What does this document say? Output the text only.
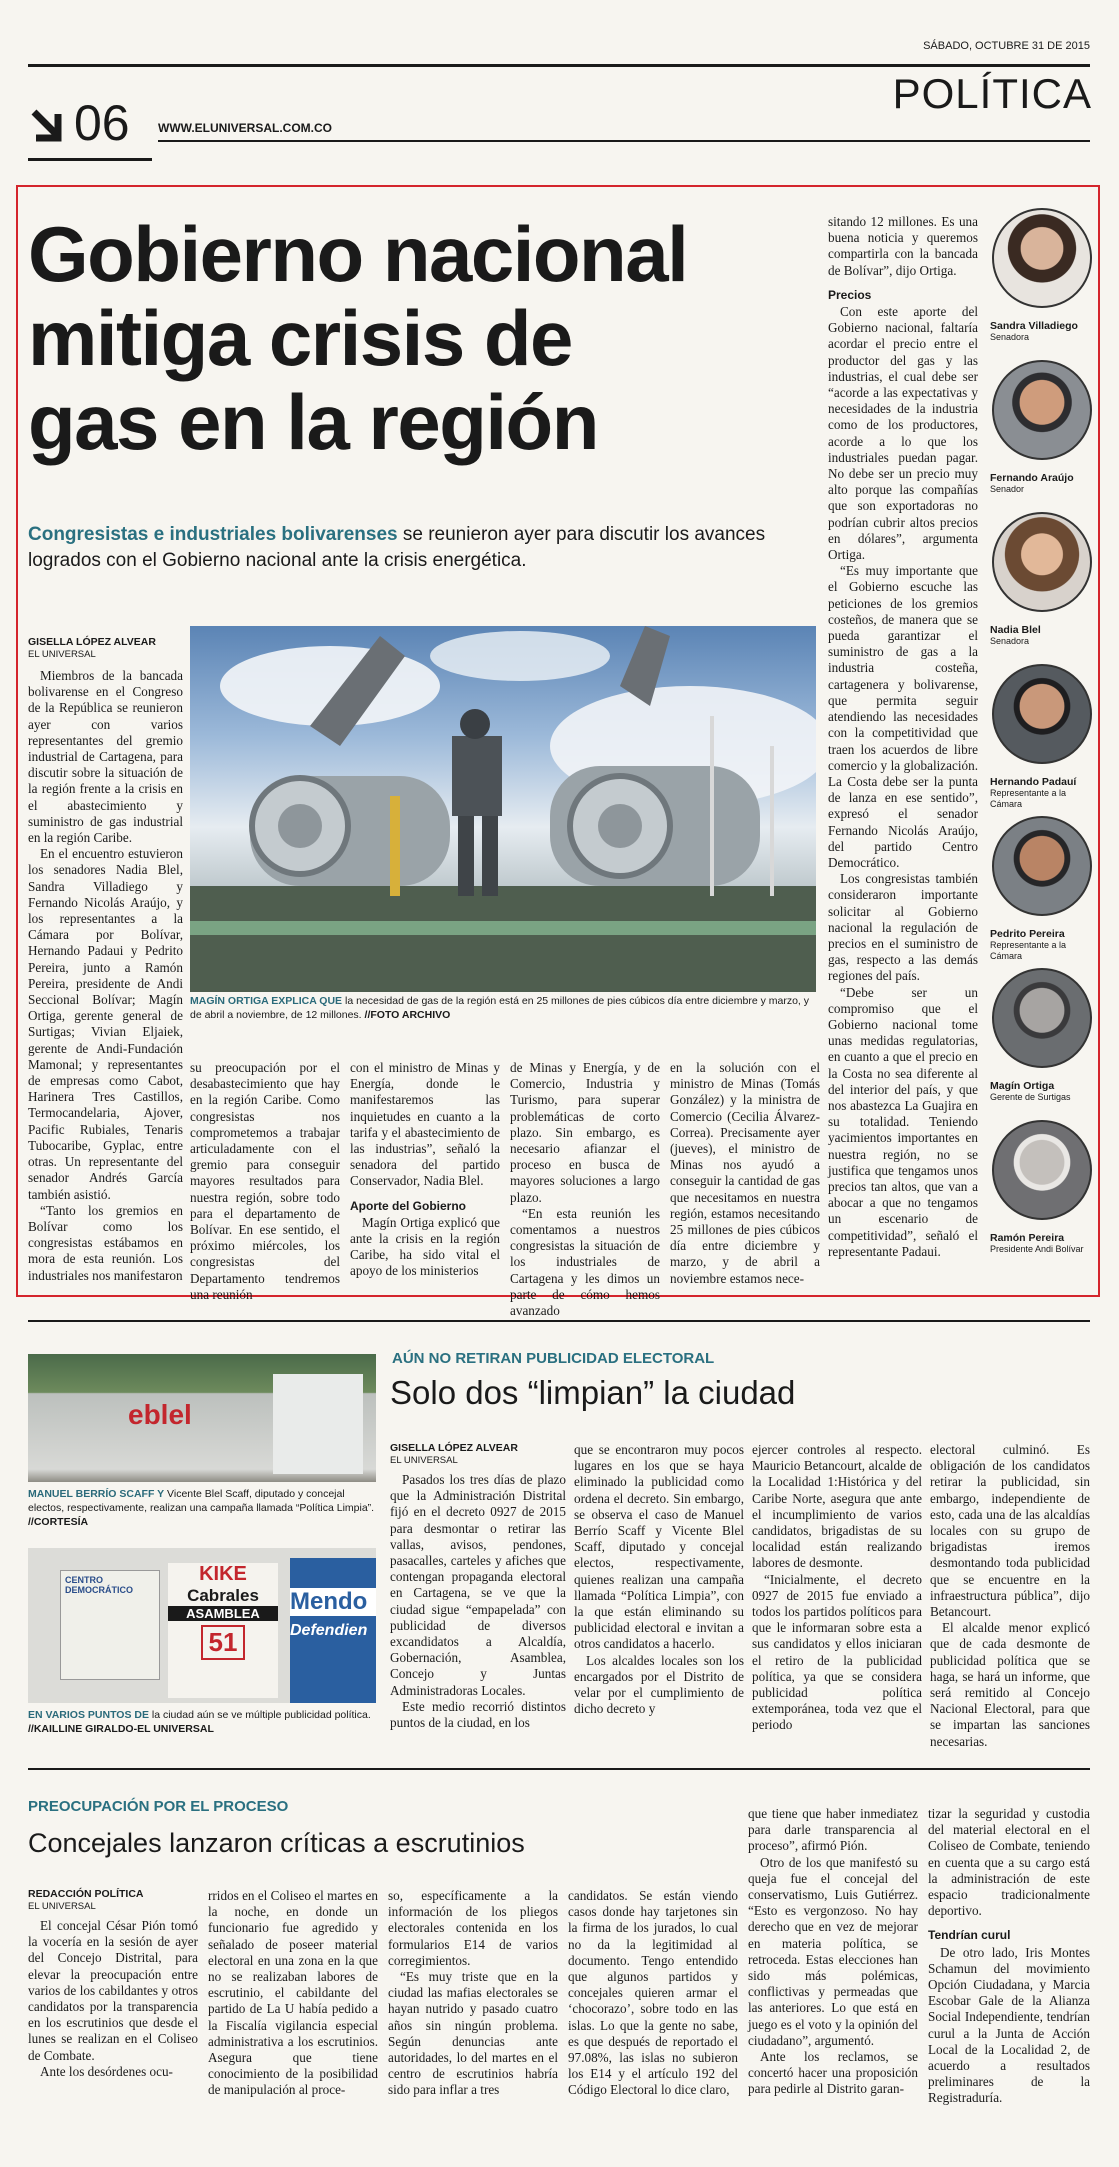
SÁBADO, OCTUBRE 31 DE 2015
POLÍTICA
06 WWW.ELUNIVERSAL.COM.CO
Gobierno nacional
mitiga crisis de
gas en la región
Congresistas e industriales bolivarenses se reunieron ayer para discutir los avances
logrados con el Gobierno nacional ante la crisis energética.
MAGÍN ORTIGA EXPLICA QUE la necesidad de gas de la región está en 25 millones de pies cúbicos día entre diciembre y marzo, y de abril a noviembre, de 12 millones. //FOTO ARCHIVO
GISELLA LÓPEZ ALVEAR
EL UNIVERSAL

Miembros de la bancada bolivarense en el Congreso de la República se reunieron ayer con varios representantes del gremio industrial de Cartagena, para discutir sobre la situación de la región frente a la crisis en el abastecimiento y suministro de gas industrial en la región Caribe.

En el encuentro estuvieron los senadores Nadia Blel, Sandra Villadiego y Fernando Nicolás Araújo, y los representantes a la Cámara por Bolívar, Hernando Padaui y Pedrito Pereira, junto a Ramón Pereira, presidente de Andi Seccional Bolívar; Magín Ortiga, gerente general de Surtigas; Vivian Eljaiek, gerente de Andi-Fundación Mamonal; y representantes de empresas como Cabot, Harinera Tres Castillos, Termocandelaria, Ajover, Pacific Rubiales, Tenaris Tubocaribe, Gyplac, entre otras. Un representante del senador Andrés García también asistió.

“Tanto los gremios en Bolívar como los congresistas estábamos en mora de esta reunión. Los industriales nos manifestaron

su preocupación por el desabastecimiento que hay en la región Caribe. Como congresistas nos comprometemos a trabajar articuladamente con el gremio para conseguir mayores resultados para nuestra región, sobre todo para el departamento de Bolívar. En ese sentido, el próximo miércoles, los congresistas del Departamento tendremos una reunión

con el ministro de Minas y Energía, donde le manifestaremos las inquietudes en cuanto a la tarifa y el abastecimiento de las industrias”, señaló la senadora del partido Conservador, Nadia Blel.

Aporte del Gobierno

Magín Ortiga explicó que ante la crisis en la región Caribe, ha sido vital el apoyo de los ministerios

de Minas y Energía, y de Comercio, Industria y Turismo, para superar problemáticas de corto plazo. Sin embargo, es necesario afianzar el proceso en busca de mayores soluciones a largo plazo.

“En esta reunión les comentamos a nuestros congresistas la situación de los industriales de Cartagena y les dimos un parte de cómo hemos avanzado

en la solución con el ministro de Minas (Tomás González) y la ministra de Comercio (Cecilia Álvarez-Correa). Precisamente ayer (jueves), el ministro de Minas nos ayudó a conseguir la cantidad de gas que necesitamos en nuestra región, estamos necesitando 25 millones de pies cúbicos día entre diciembre y marzo, y de abril a noviembre estamos nece-

sitando 12 millones. Es una buena noticia y queremos compartirla con la bancada de Bolívar”, dijo Ortiga.

Precios

Con este aporte del Gobierno nacional, faltaría acordar el precio entre el productor del gas y las industrias, el cual debe ser “acorde a las expectativas y necesidades de la industria como de los productores, acorde a lo que los industriales puedan pagar. No debe ser un precio muy alto porque las compañías que son exportadoras no podrían cubrir altos precios en dólares”, argumenta Ortiga.

“Es muy importante que el Gobierno escuche las peticiones de los gremios costeños, de manera que se pueda garantizar el suministro de gas a la industria costeña, cartagenera y bolivarense, que permita seguir atendiendo las necesidades con la competitividad que traen los acuerdos de libre comercio y la globalización. La Costa debe ser la punta de lanza en ese sentido”, expresó el senador Fernando Nicolás Araújo, del partido Centro Democrático.

Los congresistas también consideraron importante solicitar al Gobierno nacional la regulación de precios en el suministro de gas, respecto a las demás regiones del país.

“Debe ser un compromiso que el Gobierno nacional tome unas medidas regulatorias, en cuanto a que el precio en la Costa no sea diferente al del interior del país, y que nos abastezca La Guajira en su totalidad. Teniendo yacimientos importantes en nuestra región, no se justifica que tengamos unos precios tan altos, que van a abocar a que no tengamos un escenario de competitividad”, señaló el representante Padaui.

Sandra Villadiego
Senadora
Fernando Araújo
Senador
Nadia Blel
Senadora
Hernando Padauí
Representante a la Cámara
Pedrito Pereira
Representante a la Cámara
Magín Ortiga
Gerente de Surtigas
Ramón Pereira
Presidente Andi Bolívar
AÚN NO RETIRAN PUBLICIDAD ELECTORAL
Solo dos “limpian” la ciudad
eblel
MANUEL BERRÍO SCAFF Y Vicente Blel Scaff, diputado y concejal electos, respectivamente, realizan una campaña llamada “Política Limpia”. //CORTESÍA
CENTRO DEMOCRÁTICO
KIKE
Cabrales
ASAMBLEA
51
Mendo
Defendien
EN VARIOS PUNTOS DE la ciudad aún se ve múltiple publicidad política. //KAILLINE GIRALDO-EL UNIVERSAL
GISELLA LÓPEZ ALVEAR
EL UNIVERSAL

Pasados los tres días de plazo que la Administración Distrital fijó en el decreto 0927 de 2015 para desmontar o retirar las vallas, avisos, pendones, pasacalles, carteles y afiches que contengan propaganda electoral en Cartagena, se ve que la ciudad sigue “empapelada” con publicidad de diversos excandidatos a Alcaldía, Gobernación, Asamblea, Concejo y Juntas Administradoras Locales.

Este medio recorrió distintos puntos de la ciudad, en los

que se encontraron muy pocos lugares en los que se haya eliminado la publicidad como ordena el decreto. Sin embargo, se observa el caso de Manuel Berrío Scaff y Vicente Blel Scaff, diputado y concejal electos, respectivamente, quienes realizan una campaña llamada “Política Limpia”, con la que están eliminando su publicidad electoral e invitan a otros candidatos a hacerlo.

Los alcaldes locales son los encargados por el Distrito de velar por el cumplimiento de dicho decreto y

ejercer controles al respecto. Mauricio Betancourt, alcalde de la Localidad 1:Histórica y del Caribe Norte, asegura que ante el incumplimiento de varios candidatos, brigadistas de su localidad están realizando labores de desmonte.

“Inicialmente, el decreto 0927 de 2015 fue enviado a todos los partidos políticos para que le informaran sobre esta a sus candidatos y ellos iniciaran el retiro de la publicidad política, ya que se considera publicidad política extemporánea, toda vez que el periodo

electoral culminó. Es obligación de los candidatos retirar la publicidad, sin embargo, independiente de esto, cada una de las alcaldías locales con su grupo de brigadistas iremos desmontando toda publicidad que se encuentre en la infraestructura pública”, dijo Betancourt.

El alcalde menor explicó que de cada desmonte de publicidad política que se haga, se hará un informe, que será remitido al Concejo Nacional Electoral, para que se impartan las sanciones necesarias.

PREOCUPACIÓN POR EL PROCESO
Concejales lanzaron críticas a escrutinios
REDACCIÓN POLÍTICA
EL UNIVERSAL

El concejal César Pión tomó la vocería en la sesión de ayer del Concejo Distrital, para elevar la preocupación entre varios de los cabildantes y otros candidatos por la transparencia en los escrutinios que desde el lunes se realizan en el Coliseo de Combate.

Ante los desórdenes ocu-

rridos en el Coliseo el martes en la noche, en donde un funcionario fue agredido y señalado de poseer material electoral en una zona en la que no se realizaban labores de escrutinio, el cabildante del partido de La U había pedido a la Fiscalía vigilancia especial administrativa a los escrutinios. Asegura que tiene conocimiento de la posibilidad de manipulación al proce-

so, específicamente a la información de los pliegos electorales contenida en los formularios E14 de varios corregimientos.

“Es muy triste que en la ciudad las mafias electorales se hayan nutrido y pasado cuatro años sin ningún problema. Según denuncias ante autoridades, lo del martes en el centro de escrutinios habría sido para inflar a tres

candidatos. Se están viendo casos donde hay tarjetones sin la firma de los jurados, lo cual no da la legitimidad al documento. Tengo entendido que algunos partidos y concejales quieren armar el ‘chocorazo’, sobre todo en las islas. Lo que la gente no sabe, es que después de reportado el 97.08%, las islas no subieron los E14 y el artículo 192 del Código Electoral lo dice claro,

que tiene que haber inmediatez para darle transparencia al proceso”, afirmó Pión.

Otro de los que manifestó su queja fue el concejal del conservatismo, Luis Gutiérrez. “Esto es vergonzoso. No hay derecho que en vez de mejorar en materia política, se retroceda. Estas elecciones han sido más polémicas, conflictivas y permeadas que las anteriores. Lo que está en juego es el voto y la opinión del ciudadano”, argumentó.

Ante los reclamos, se concertó hacer una proposición para pedirle al Distrito garan-

tizar la seguridad y custodia del material electoral en el Coliseo de Combate, teniendo en cuenta que a su cargo está la administración de este espacio tradicionalmente deportivo.

Tendrían curul

De otro lado, Iris Montes Schamun del movimiento Opción Ciudadana, y Marcia Escobar Gale de la Alianza Social Independiente, tendrían curul a la Junta de Acción Local de la Localidad 2, de acuerdo a resultados preliminares de la Registraduría.
